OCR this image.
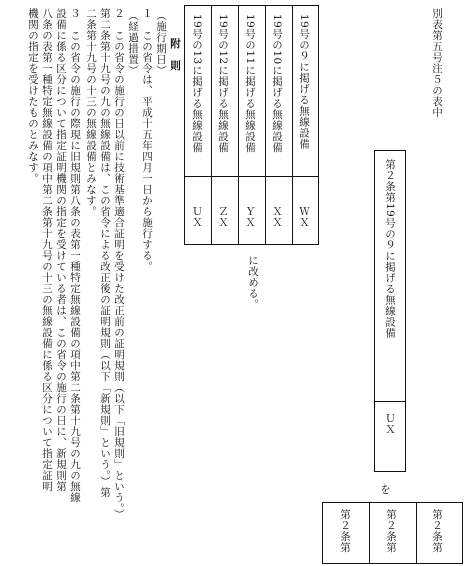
別表第五号注５の表中
第２条第19号の９に掲げる無線設備
ＵＸ
を
19号の９に掲げる無線設備
ＷＸ
19号の10に掲げる無線設備
ＸＸ
19号の11に掲げる無線設備
ＹＸ
19号の12に掲げる無線設備
ＺＸ
19号の13に掲げる無線設備
ＵＸ
に改める。
第２条第
第２条第
第２条第
附　則
（施行期日）
１　この省令は、平成十五年四月一日から施行する。
（経過措置）
２　この省令の施行の日以前に技術基準適合証明を受けた改正前の証明規則（以下「旧規則」という。）
第二条第十九号の九の無線設備は、この省令による改正後の証明規則（以下「新規則」という。）第
二条第十九号の十三の無線設備とみなす。
３　この省令の施行の際現に旧規則第八条の表第一種特定無線設備の項中第二条第十九号の九の無線
設備に係る区分について指定証明機関の指定を受けている者は、この省令の施行の日に、新規則第
八条の表第一種特定無線設備の項中第二条第十九号の十三の無線設備に係る区分について指定証明
機関の指定を受けたものとみなす。
